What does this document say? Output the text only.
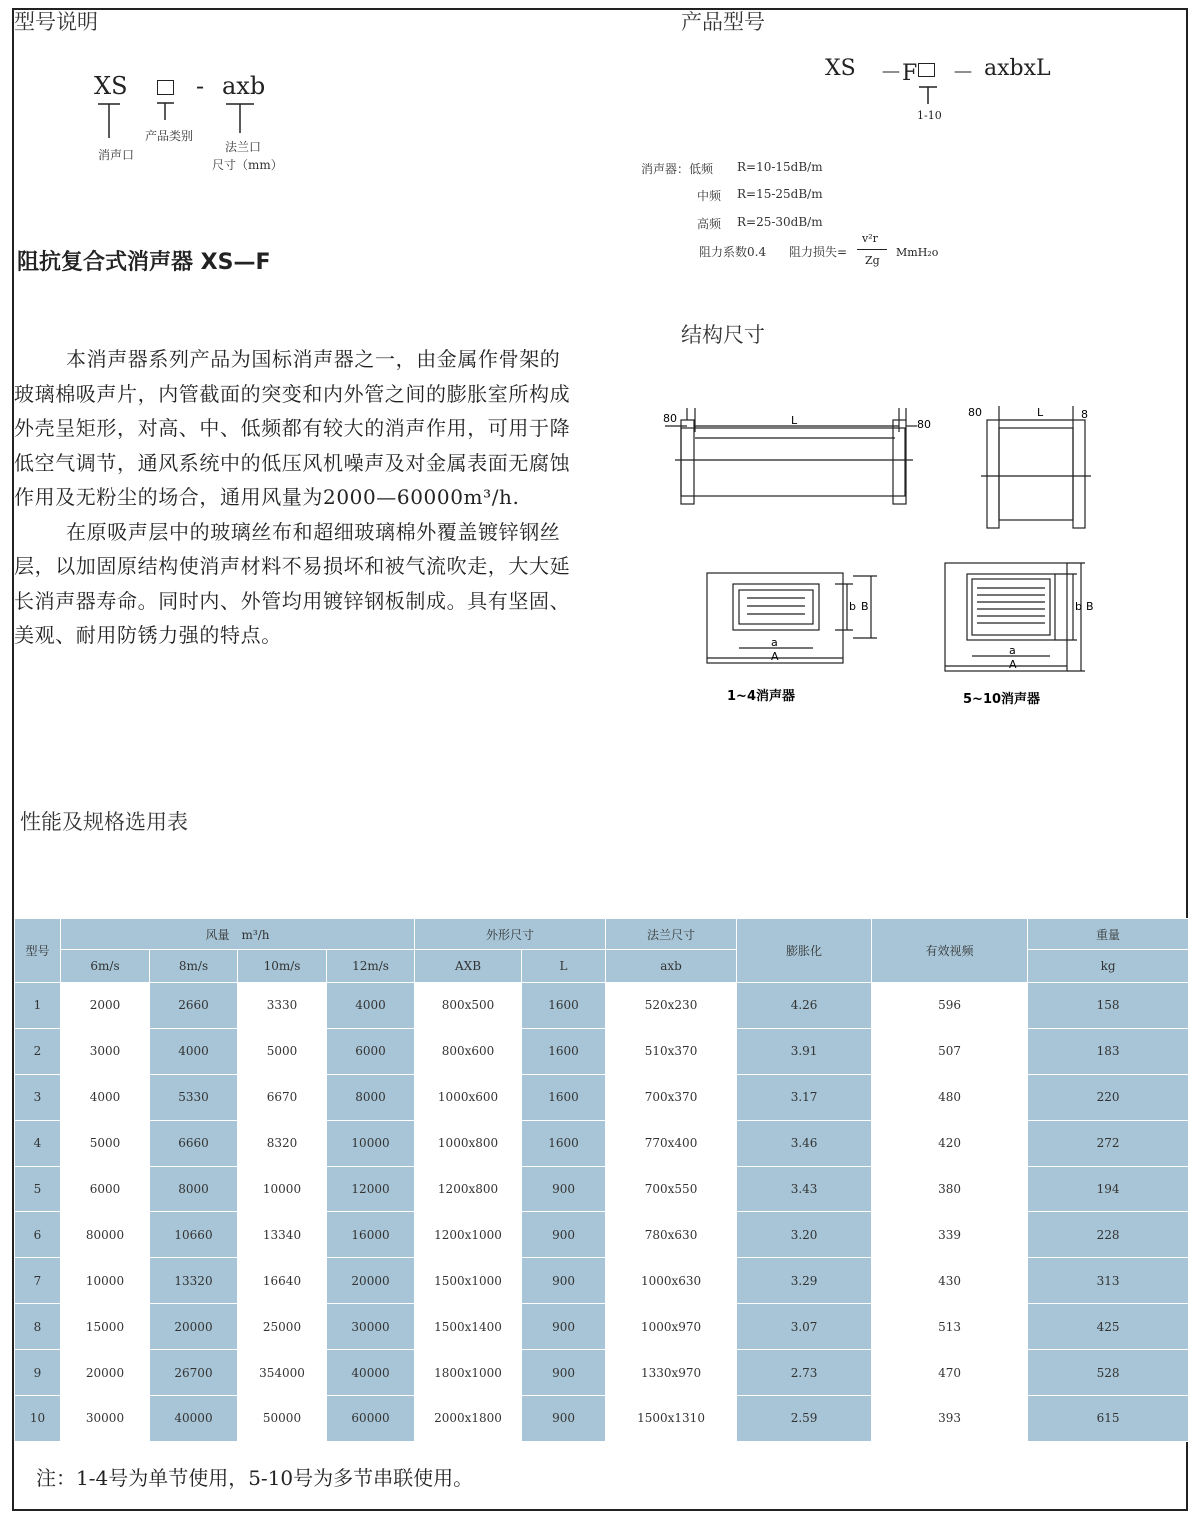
型号说明
XS	- axb
消声口
产品类别
法兰口
尺寸（mm）
产品型号
XS －F － axbxL
1-10
消声器：低频 R=10-15dB/m
中频 R=15-25dB/m
高频 R=25-30dB/m
阻力系数0.4 阻力损失=
v²r
Zg
MmH₂o
阻抗复合式消声器 XS—F

本消声器系列产品为国标消声器之一，由金属作骨架的玻璃棉吸声片，内管截面的突变和内外管之间的膨胀室所构成外壳呈矩形，对高、中、低频都有较大的消声作用，可用于降低空气调节，通风系统中的低压风机噪声及对金属表面无腐蚀作用及无粉尘的场合，通用风量为2000—60000m³/h.

在原吸声层中的玻璃丝布和超细玻璃棉外覆盖镀锌钢丝层，以加固原结构使消声材料不易损坏和被气流吹走，大大延长消声器寿命。同时内、外管均用镀锌钢板制成。具有坚固、美观、耐用防锈力强的特点。

结构尺寸
80	L	80
80	L	8
a
A
b B
1~4消声器
a
A
b B
5~10消声器
性能及规格选用表
型号	风量　m³/h				外形尺寸		法兰尺寸	膨胀化	有效视频	重量
	6m/s	8m/s	10m/s	12m/s	AXB	L	axb			kg
1	2000	2660	3330	4000	800x500	1600	520x230	4.26	596	158
2	3000	4000	5000	6000	800x600	1600	510x370	3.91	507	183
3	4000	5330	6670	8000	1000x600	1600	700x370	3.17	480	220
4	5000	6660	8320	10000	1000x800	1600	770x400	3.46	420	272
5	6000	8000	10000	12000	1200x800	900	700x550	3.43	380	194
6	80000	10660	13340	16000	1200x1000	900	780x630	3.20	339	228
7	10000	13320	16640	20000	1500x1000	900	1000x630	3.29	430	313
8	15000	20000	25000	30000	1500x1400	900	1000x970	3.07	513	425
9	20000	26700	354000	40000	1800x1000	900	1330x970	2.73	470	528
10	30000	40000	50000	60000	2000x1800	900	1500x1310	2.59	393	615
注：1-4号为单节使用，5-10号为多节串联使用。
